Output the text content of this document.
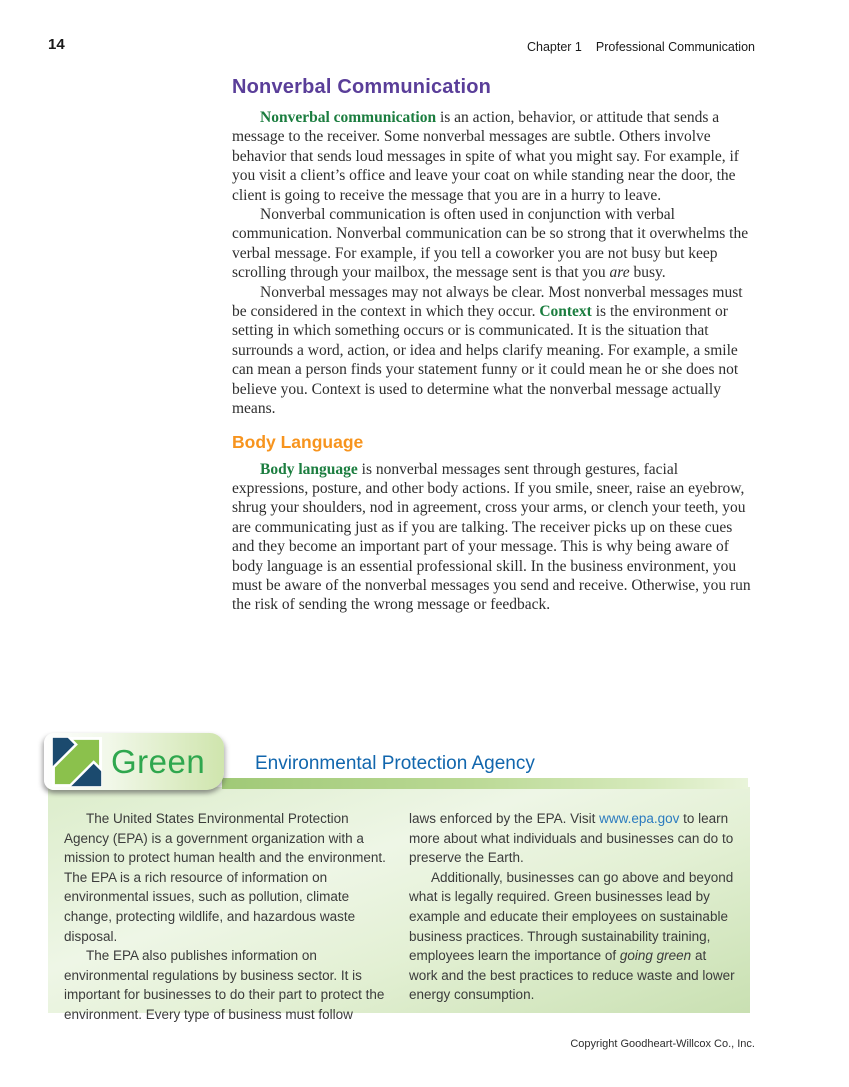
14	Chapter 1 Professional Communication
Nonverbal Communication

Nonverbal communication is an action, behavior, or attitude that sends a message to the receiver. Some nonverbal messages are subtle. Others involve behavior that sends loud messages in spite of what you might say. For example, if you visit a client’s office and leave your coat on while standing near the door, the client is going to receive the message that you are in a hurry to leave.

Nonverbal communication is often used in conjunction with verbal communication. Nonverbal communication can be so strong that it overwhelms the verbal message. For example, if you tell a coworker you are not busy but keep scrolling through your mailbox, the message sent is that you are busy.

Nonverbal messages may not always be clear. Most nonverbal messages must be considered in the context in which they occur. Context is the environment or setting in which something occurs or is communicated. It is the situation that surrounds a word, action, or idea and helps clarify meaning. For example, a smile can mean a person finds your statement funny or it could mean he or she does not believe you. Context is used to determine what the nonverbal message actually means.

Body Language

Body language is nonverbal messages sent through gestures, facial expressions, posture, and other body actions. If you smile, sneer, raise an eyebrow, shrug your shoulders, nod in agreement, cross your arms, or clench your teeth, you are communicating just as if you are talking. The receiver picks up on these cues and they become an important part of your message. This is why being aware of body language is an essential professional skill. In the business environment, you must be aware of the nonverbal messages you send and receive. Otherwise, you run the risk of sending the wrong message or feedback.

Green	Environmental Protection Agency

The United States Environmental Protection Agency (EPA) is a government organization with a mission to protect human health and the environment. The EPA is a rich resource of information on environmental issues, such as pollution, climate change, protecting wildlife, and hazardous waste disposal.

The EPA also publishes information on environmental regulations by business sector. It is important for businesses to do their part to protect the environment. Every type of business must follow

laws enforced by the EPA. Visit www.epa.gov to learn more about what individuals and businesses can do to preserve the Earth.

Additionally, businesses can go above and beyond what is legally required. Green businesses lead by example and educate their employees on sustainable business practices. Through sustainability training, employees learn the importance of going green at work and the best practices to reduce waste and lower energy consumption.

Copyright Goodheart-Willcox Co., Inc.
